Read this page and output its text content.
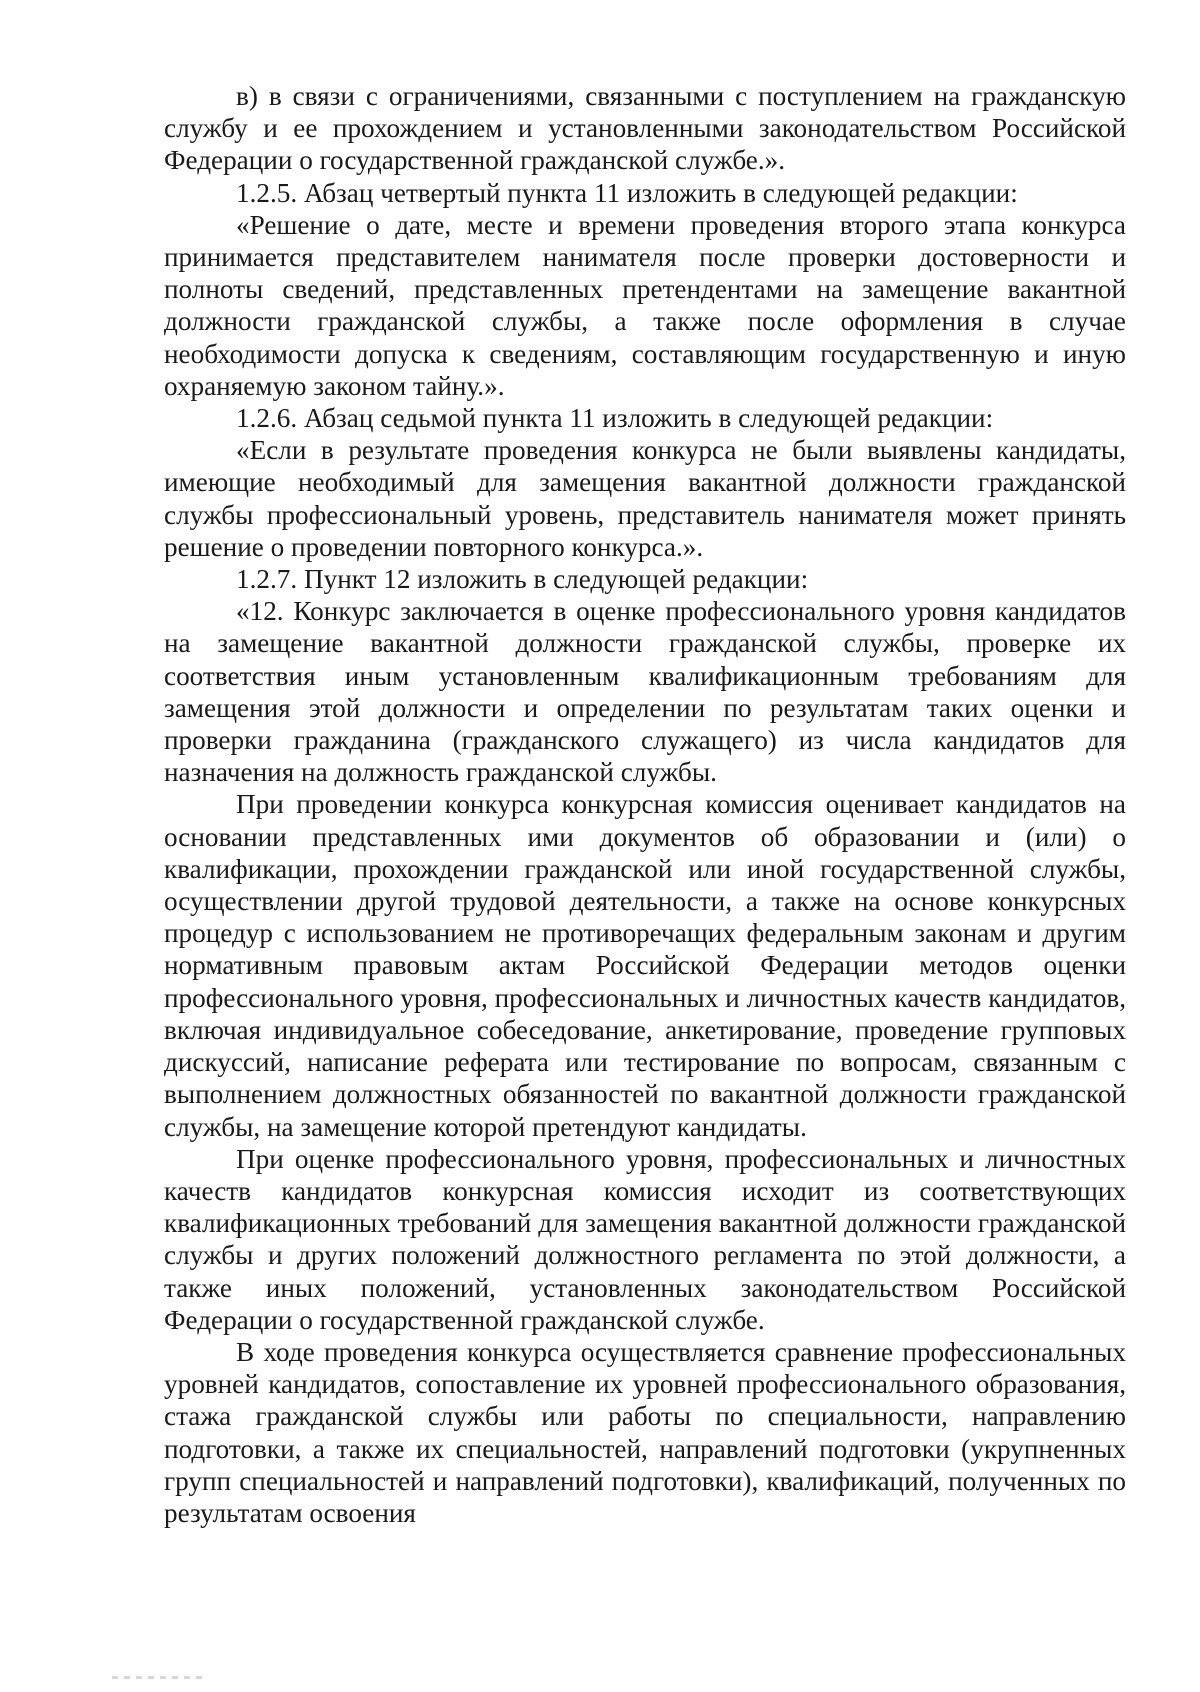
в) в связи с ограничениями, связанными с поступлением на гражданскую службу и ее прохождением и установленными законодательством Российской Федерации о государственной гражданской службе.».

1.2.5. Абзац четвертый пункта 11 изложить в следующей редакции:

«Решение о дате, месте и времени проведения второго этапа конкурса принимается представителем нанимателя после проверки достоверности и полноты сведений, представленных претендентами на замещение вакантной должности гражданской службы, а также после оформления в случае необходимости допуска к сведениям, составляющим государственную и иную охраняемую законом тайну.».

1.2.6. Абзац седьмой пункта 11 изложить в следующей редакции:

«Если в результате проведения конкурса не были выявлены кандидаты, имеющие необходимый для замещения вакантной должности гражданской службы профессиональный уровень, представитель нанимателя может принять решение о проведении повторного конкурса.».

1.2.7. Пункт 12 изложить в следующей редакции:

«12. Конкурс заключается в оценке профессионального уровня кандидатов на замещение вакантной должности гражданской службы, проверке их соответствия иным установленным квалификационным требованиям для замещения этой должности и определении по результатам таких оценки и проверки гражданина (гражданского служащего) из числа кандидатов для назначения на должность гражданской службы.

При проведении конкурса конкурсная комиссия оценивает кандидатов на основании представленных ими документов об образовании и (или) о квалификации, прохождении гражданской или иной государственной службы, осуществлении другой трудовой деятельности, а также на основе конкурсных процедур с использованием не противоречащих федеральным законам и другим нормативным правовым актам Российской Федерации методов оценки профессионального уровня, профессиональных и личностных качеств кандидатов, включая индивидуальное собеседование, анкетирование, проведение групповых дискуссий, написание реферата или тестирование по вопросам, связанным с выполнением должностных обязанностей по вакантной должности гражданской службы, на замещение которой претендуют кандидаты.

При оценке профессионального уровня, профессиональных и личностных качеств кандидатов конкурсная комиссия исходит из соответствующих квалификационных требований для замещения вакантной должности гражданской службы и других положений должностного регламента по этой должности, а также иных положений, установленных законодательством Российской Федерации о государственной гражданской службе.

В ходе проведения конкурса осуществляется сравнение профессиональных уровней кандидатов, сопоставление их уровней профессионального образования, стажа гражданской службы или работы по специальности, направлению подготовки, а также их специальностей, направлений подготовки (укрупненных групп специальностей и направлений подготовки), квалификаций, полученных по результатам освоения
